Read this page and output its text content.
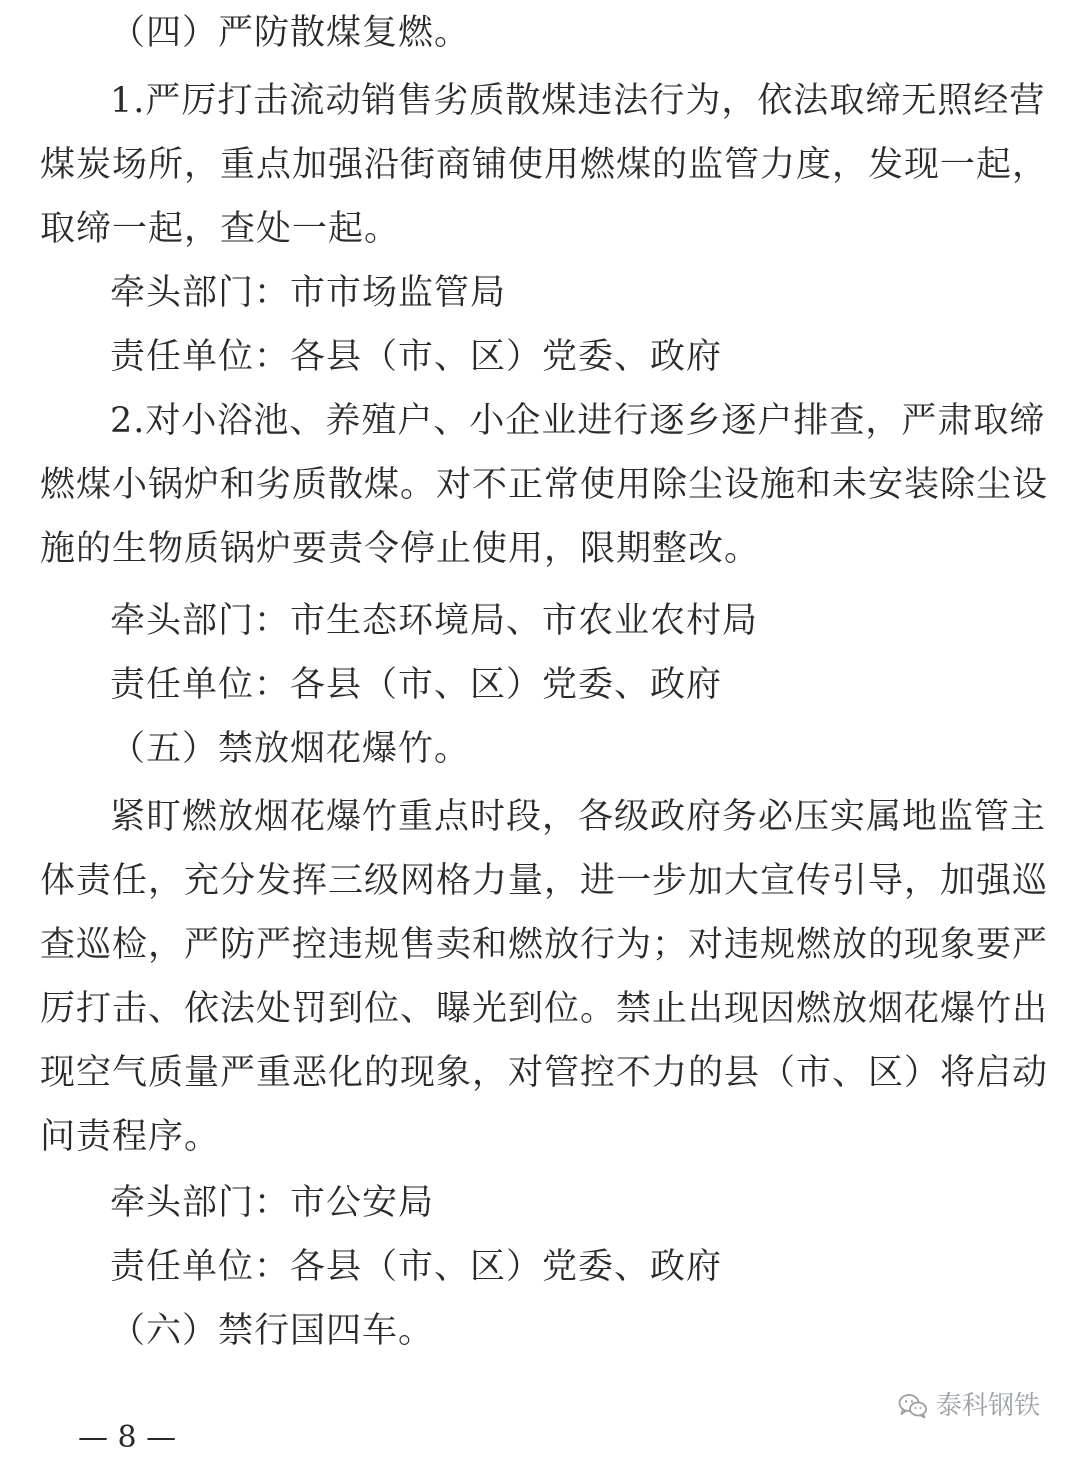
（四）严防散煤复燃。
1.严厉打击流动销售劣质散煤违法行为，依法取缔无照经营
煤炭场所，重点加强沿街商铺使用燃煤的监管力度，发现一起，
取缔一起，查处一起。
牵头部门：市市场监管局
责任单位：各县（市、区）党委、政府
2.对小浴池、养殖户、小企业进行逐乡逐户排查，严肃取缔
燃煤小锅炉和劣质散煤。对不正常使用除尘设施和未安装除尘设
施的生物质锅炉要责令停止使用，限期整改。
牵头部门：市生态环境局、市农业农村局
责任单位：各县（市、区）党委、政府
（五）禁放烟花爆竹。
紧盯燃放烟花爆竹重点时段，各级政府务必压实属地监管主
体责任，充分发挥三级网格力量，进一步加大宣传引导，加强巡
查巡检，严防严控违规售卖和燃放行为；对违规燃放的现象要严
厉打击、依法处罚到位、曝光到位。禁止出现因燃放烟花爆竹出
现空气质量严重恶化的现象，对管控不力的县（市、区）将启动
问责程序。
牵头部门：市公安局
责任单位：各县（市、区）党委、政府
（六）禁行国四车。
泰科钢铁
— 8 —
